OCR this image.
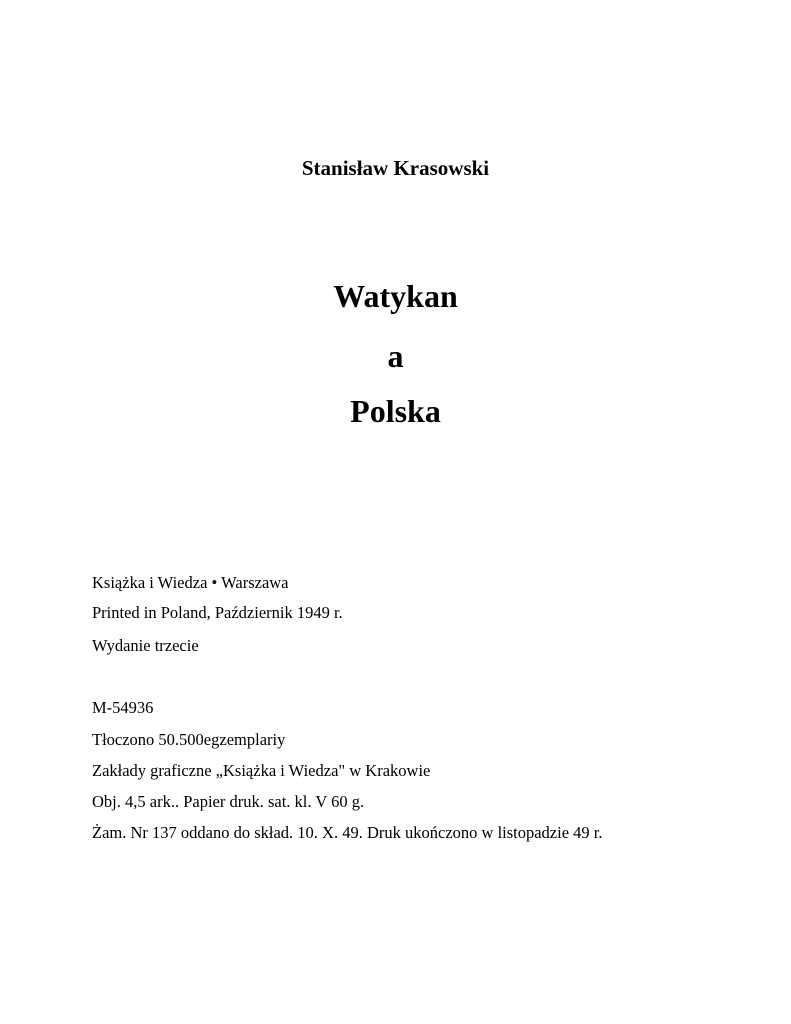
Stanisław Krasowski
Watykan
a
Polska
Książka i Wiedza • Warszawa
Printed in Poland, Październik 1949 r.
Wydanie trzecie
M-54936
Tłoczono 50.500egzemplariy
Zakłady graficzne „Książka i Wiedza" w Krakowie
Obj. 4,5 ark.. Papier druk. sat. kl. V 60 g.
Żam. Nr 137 oddano do skład. 10. X. 49. Druk ukończono w listopadzie 49 r.
